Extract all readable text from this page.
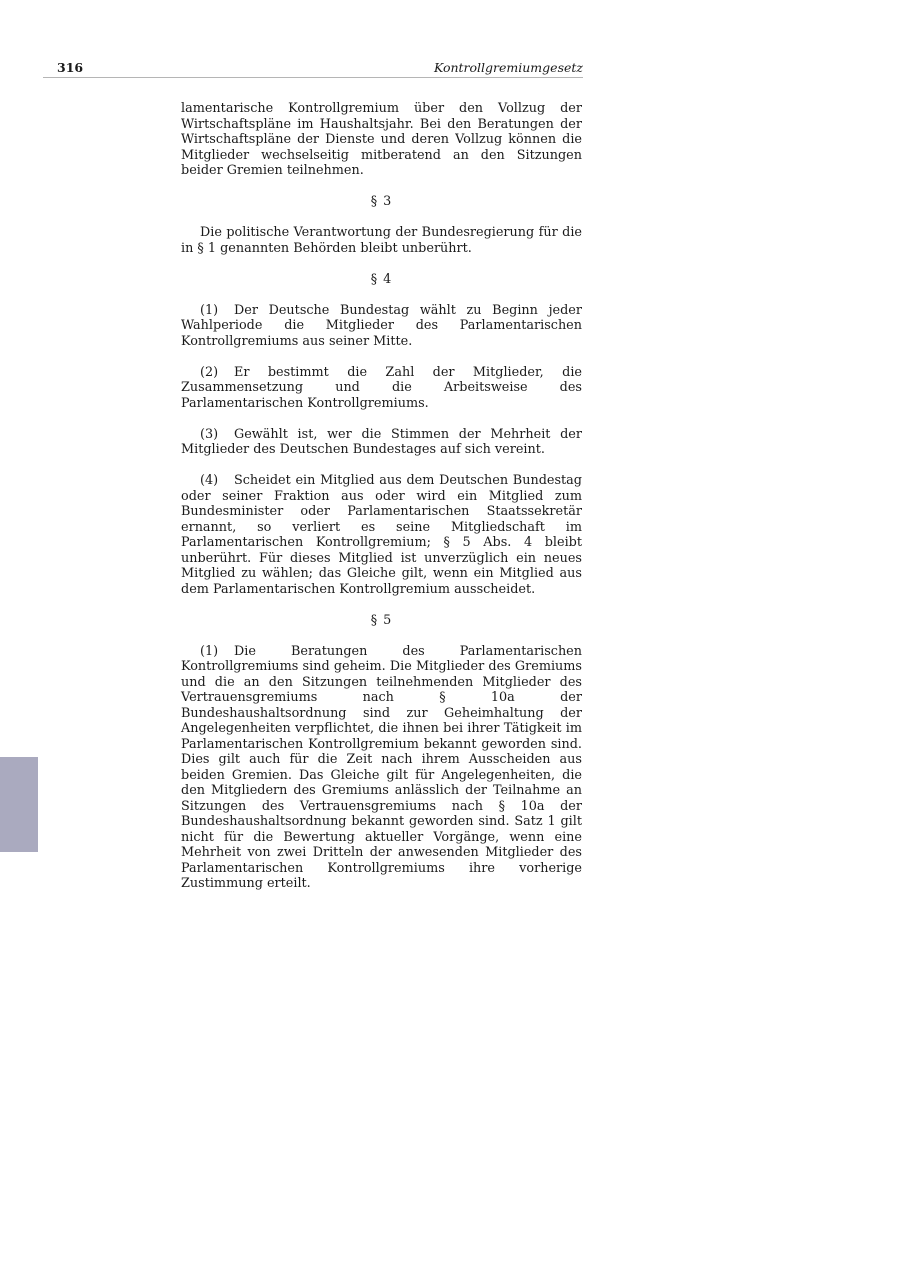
316	Kontrollgremiumgesetz

lamentarische Kontrollgremium über den Vollzug der Wirtschaftspläne im Haushaltsjahr. Bei den Beratungen der Wirtschaftspläne der Dienste und deren Vollzug können die Mitglieder wechselseitig mitberatend an den Sitzungen beider Gremien teilnehmen.

§ 3

Die politische Verantwortung der Bundesregierung für die in § 1 genannten Behörden bleibt unberührt.

§ 4

(1) Der Deutsche Bundestag wählt zu Beginn jeder Wahlperiode die Mitglieder des Parlamentarischen Kontrollgremiums aus seiner Mitte.

(2) Er bestimmt die Zahl der Mitglieder, die Zusammensetzung und die Arbeitsweise des Parlamentarischen Kontrollgremiums.

(3) Gewählt ist, wer die Stimmen der Mehrheit der Mitglieder des Deutschen Bundestages auf sich vereint.

(4) Scheidet ein Mitglied aus dem Deutschen Bundestag oder seiner Fraktion aus oder wird ein Mitglied zum Bundesminister oder Parlamentarischen Staatssekretär ernannt, so verliert es seine Mitgliedschaft im Parlamentarischen Kontrollgremium; § 5 Abs. 4 bleibt unberührt. Für dieses Mitglied ist unverzüglich ein neues Mitglied zu wählen; das Gleiche gilt, wenn ein Mitglied aus dem Parlamentarischen Kontrollgremium ausscheidet.

§ 5

(1) Die Beratungen des Parlamentarischen Kontrollgremiums sind geheim. Die Mitglieder des Gremiums und die an den Sitzungen teilnehmenden Mitglieder des Vertrauensgremiums nach § 10a der Bundeshaushaltsordnung sind zur Geheimhaltung der Angelegenheiten verpflichtet, die ihnen bei ihrer Tätigkeit im Parlamentarischen Kontrollgremium bekannt geworden sind. Dies gilt auch für die Zeit nach ihrem Ausscheiden aus beiden Gremien. Das Gleiche gilt für Angelegenheiten, die den Mitgliedern des Gremiums anlässlich der Teilnahme an Sitzungen des Vertrauensgremiums nach § 10a der Bundeshaushaltsordnung bekannt geworden sind. Satz 1 gilt nicht für die Bewertung aktueller Vorgänge, wenn eine Mehrheit von zwei Dritteln der anwesenden Mitglieder des Parlamentarischen Kontrollgremiums ihre vorherige Zustimmung erteilt.
